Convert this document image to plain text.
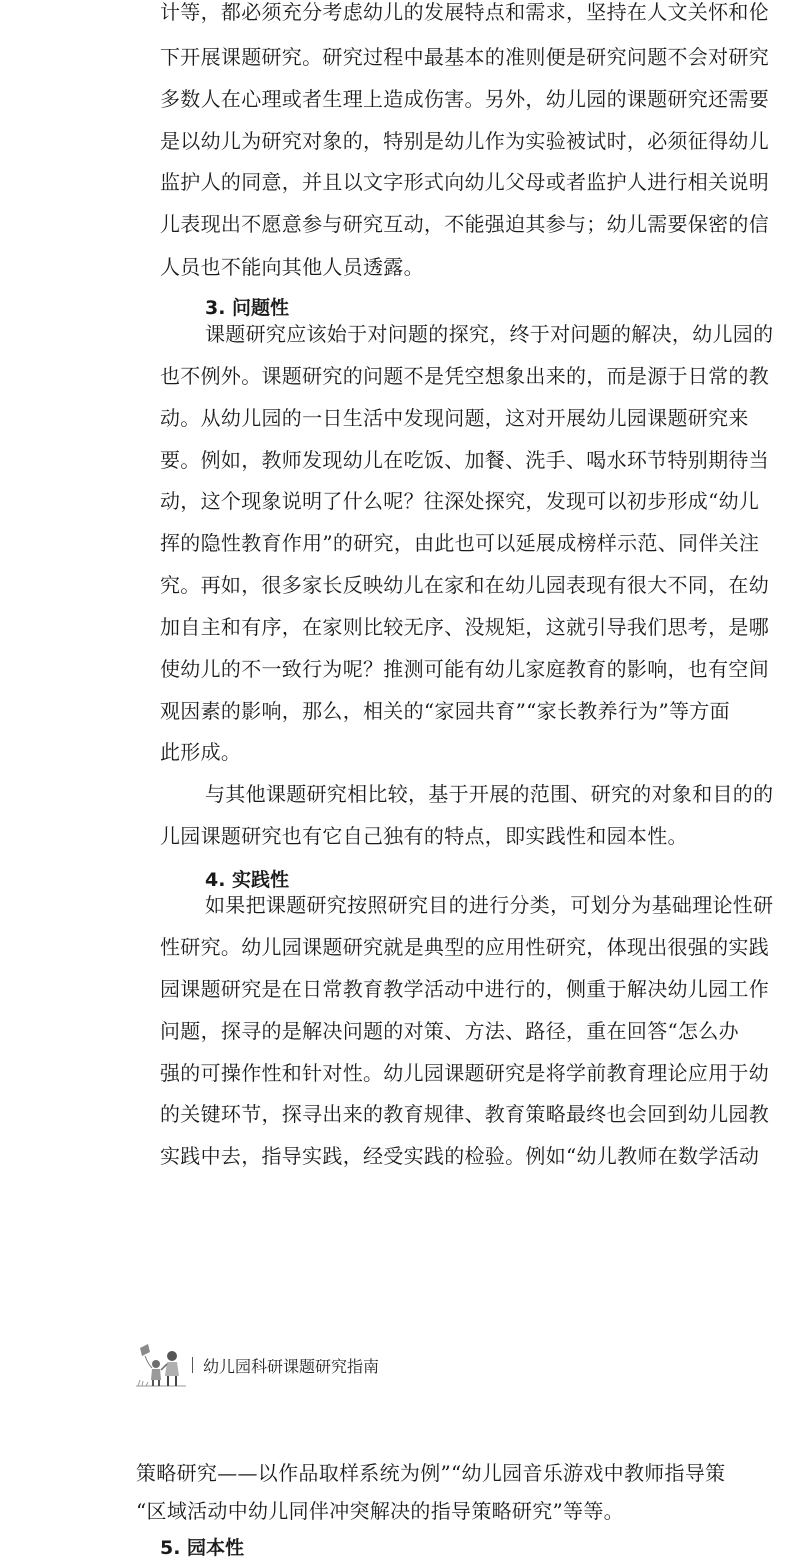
计等，都必须充分考虑幼儿的发展特点和需求，坚持在人文关怀和伦
下开展课题研究。研究过程中最基本的准则便是研究问题不会对研究
多数人在心理或者生理上造成伤害。另外，幼儿园的课题研究还需要
是以幼儿为研究对象的，特别是幼儿作为实验被试时，必须征得幼儿
监护人的同意，并且以文字形式向幼儿父母或者监护人进行相关说明
儿表现出不愿意参与研究互动，不能强迫其参与；幼儿需要保密的信
人员也不能向其他人员透露。
3. 问题性
课题研究应该始于对问题的探究，终于对问题的解决，幼儿园的
也不例外。课题研究的问题不是凭空想象出来的，而是源于日常的教
动。从幼儿园的一日生活中发现问题，这对开展幼儿园课题研究来
要。例如，教师发现幼儿在吃饭、加餐、洗手、喝水环节特别期待当
动，这个现象说明了什么呢？往深处探究，发现可以初步形成“幼儿
挥的隐性教育作用”的研究，由此也可以延展成榜样示范、同伴关注
究。再如，很多家长反映幼儿在家和在幼儿园表现有很大不同，在幼
加自主和有序，在家则比较无序、没规矩，这就引导我们思考，是哪
使幼儿的不一致行为呢？推测可能有幼儿家庭教育的影响，也有空间
观因素的影响，那么，相关的“家园共育”“家长教养行为”等方面
此形成。
与其他课题研究相比较，基于开展的范围、研究的对象和目的的
儿园课题研究也有它自己独有的特点，即实践性和园本性。
4. 实践性
如果把课题研究按照研究目的进行分类，可划分为基础理论性研
性研究。幼儿园课题研究就是典型的应用性研究，体现出很强的实践
园课题研究是在日常教育教学活动中进行的，侧重于解决幼儿园工作
问题，探寻的是解决问题的对策、方法、路径，重在回答“怎么办
强的可操作性和针对性。幼儿园课题研究是将学前教育理论应用于幼
的关键环节，探寻出来的教育规律、教育策略最终也会回到幼儿园教
实践中去，指导实践，经受实践的检验。例如“幼儿教师在数学活动
幼儿园科研课题研究指南
策略研究——以作品取样系统为例”“幼儿园音乐游戏中教师指导策
“区域活动中幼儿同伴冲突解决的指导策略研究”等等。
5. 园本性
